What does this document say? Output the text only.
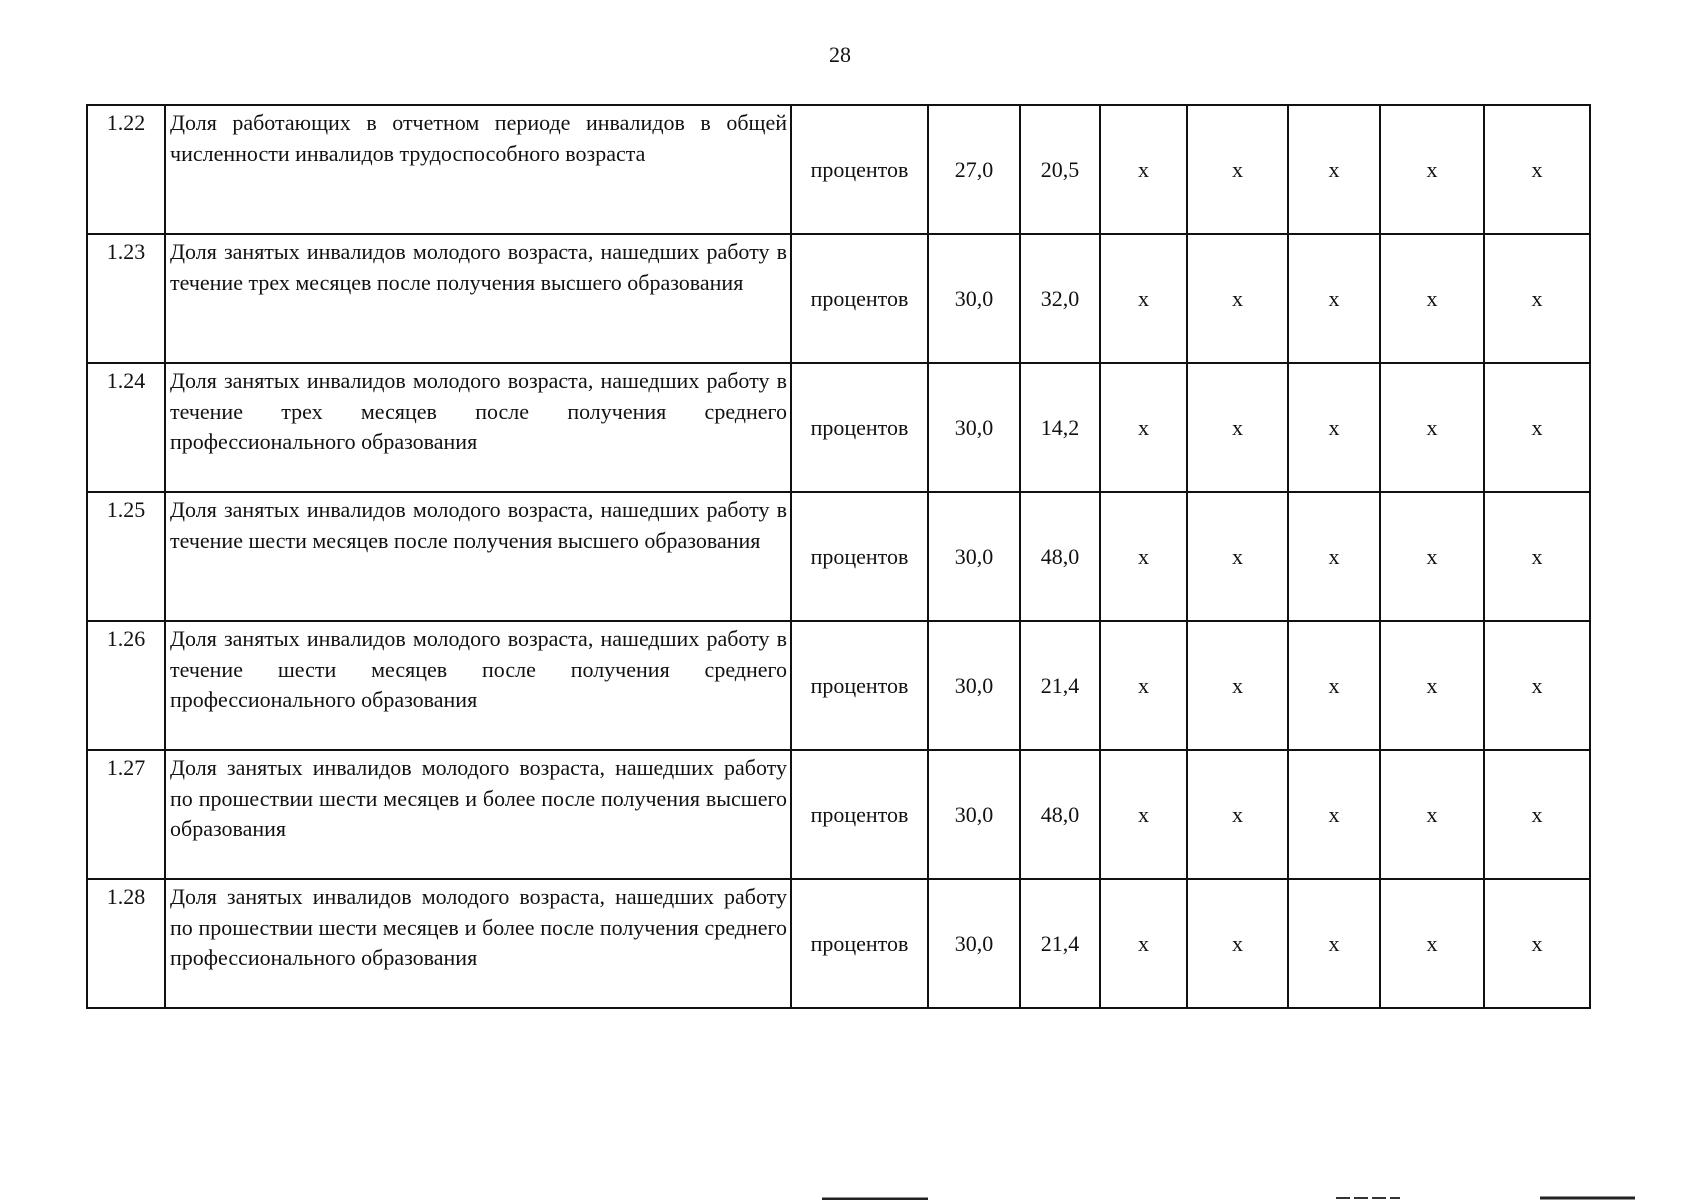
28
1.22	Доля работающих в отчетном периоде инвалидов в общей численности инвалидов трудоспособного возраста	процентов	27,0	20,5	х	х	х	х	х
1.23	Доля занятых инвалидов молодого возраста, нашедших работу в течение трех месяцев после получения высшего образования	процентов	30,0	32,0	х	х	х	х	х
1.24	Доля занятых инвалидов молодого возраста, нашедших работу в течение трех месяцев после получения среднего профессионального образования	процентов	30,0	14,2	х	х	х	х	х
1.25	Доля занятых инвалидов молодого возраста, нашедших работу в течение шести месяцев после получения высшего образования	процентов	30,0	48,0	х	х	х	х	х
1.26	Доля занятых инвалидов молодого возраста, нашедших работу в течение шести месяцев после получения среднего профессионального образования	процентов	30,0	21,4	х	х	х	х	х
1.27	Доля занятых инвалидов молодого возраста, нашедших работу по прошествии шести месяцев и более после получения высшего образования	процентов	30,0	48,0	х	х	х	х	х
1.28	Доля занятых инвалидов молодого возраста, нашедших работу по прошествии шести месяцев и более после получения среднего профессионального образования	процентов	30,0	21,4	х	х	х	х	х
